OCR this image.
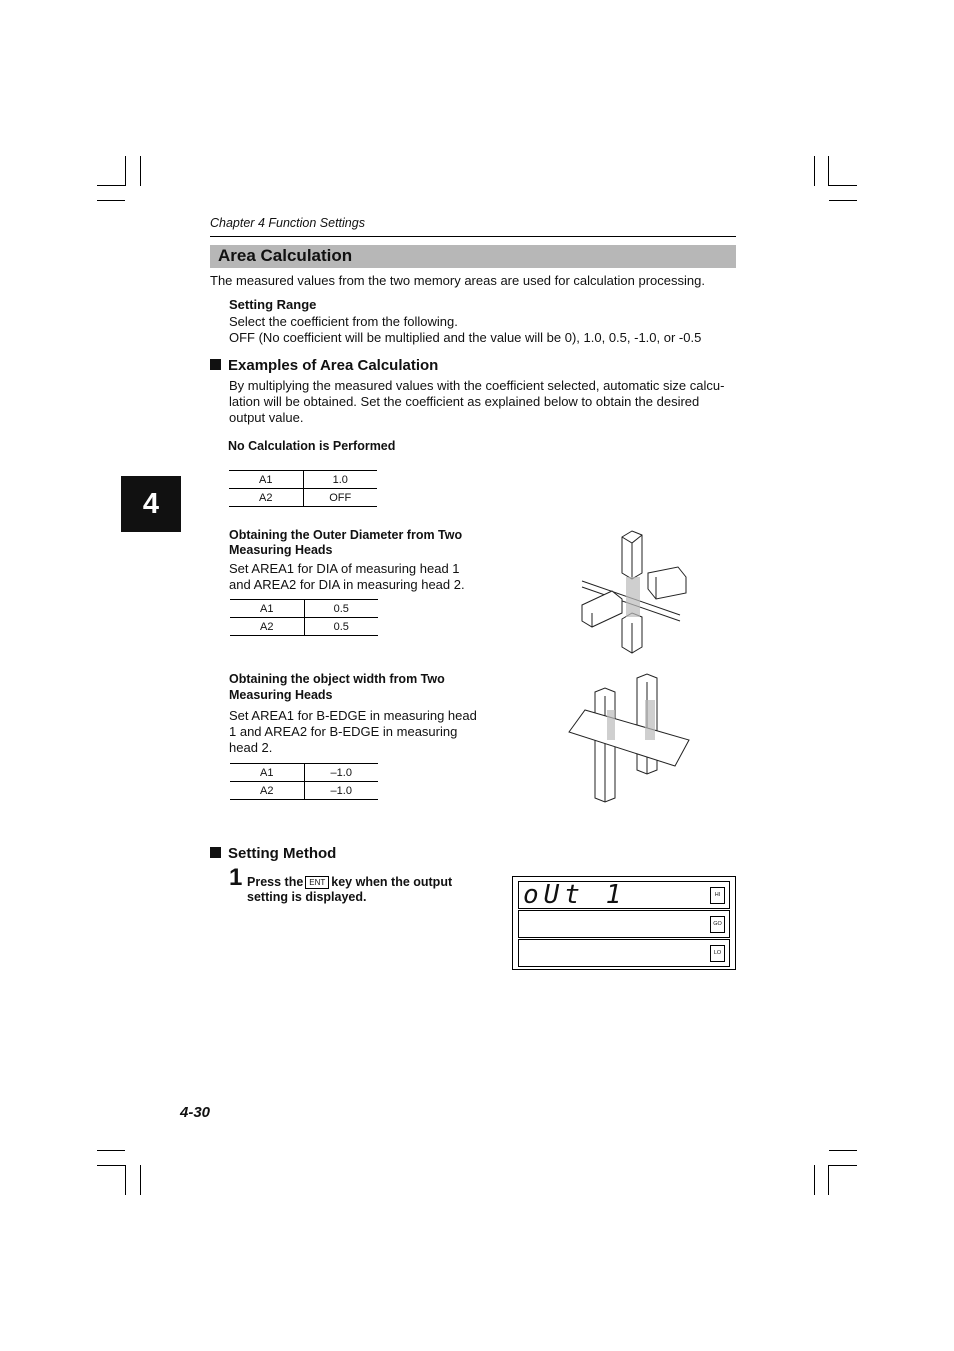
Chapter 4 Function Settings
Area Calculation
The measured values from the two memory areas are used for calculation processing.
Setting Range
Select the coefficient from the following.
OFF (No coefficient will be multiplied and the value will be 0), 1.0, 0.5, -1.0, or -0.5
Examples of Area Calculation
By multiplying the measured values with the coefficient selected, automatic size calcu-
lation will be obtained. Set the coefficient as explained below to obtain the desired
output value.
No Calculation is Performed
A1	1.0
A2	OFF
4
Obtaining the Outer Diameter from Two
Measuring Heads
Set AREA1 for DIA of measuring head 1
and AREA2 for DIA in measuring head 2.
A1	0.5
A2	0.5
Obtaining the object width from Two
Measuring Heads
Set AREA1 for B-EDGE in measuring head
1 and AREA2 for B-EDGE in measuring
head 2.
A1	–1.0
A2	–1.0
Setting Method
1 Press the ENT key when the output
setting is displayed.	oUt 1	HI
GO
LO
4-30
